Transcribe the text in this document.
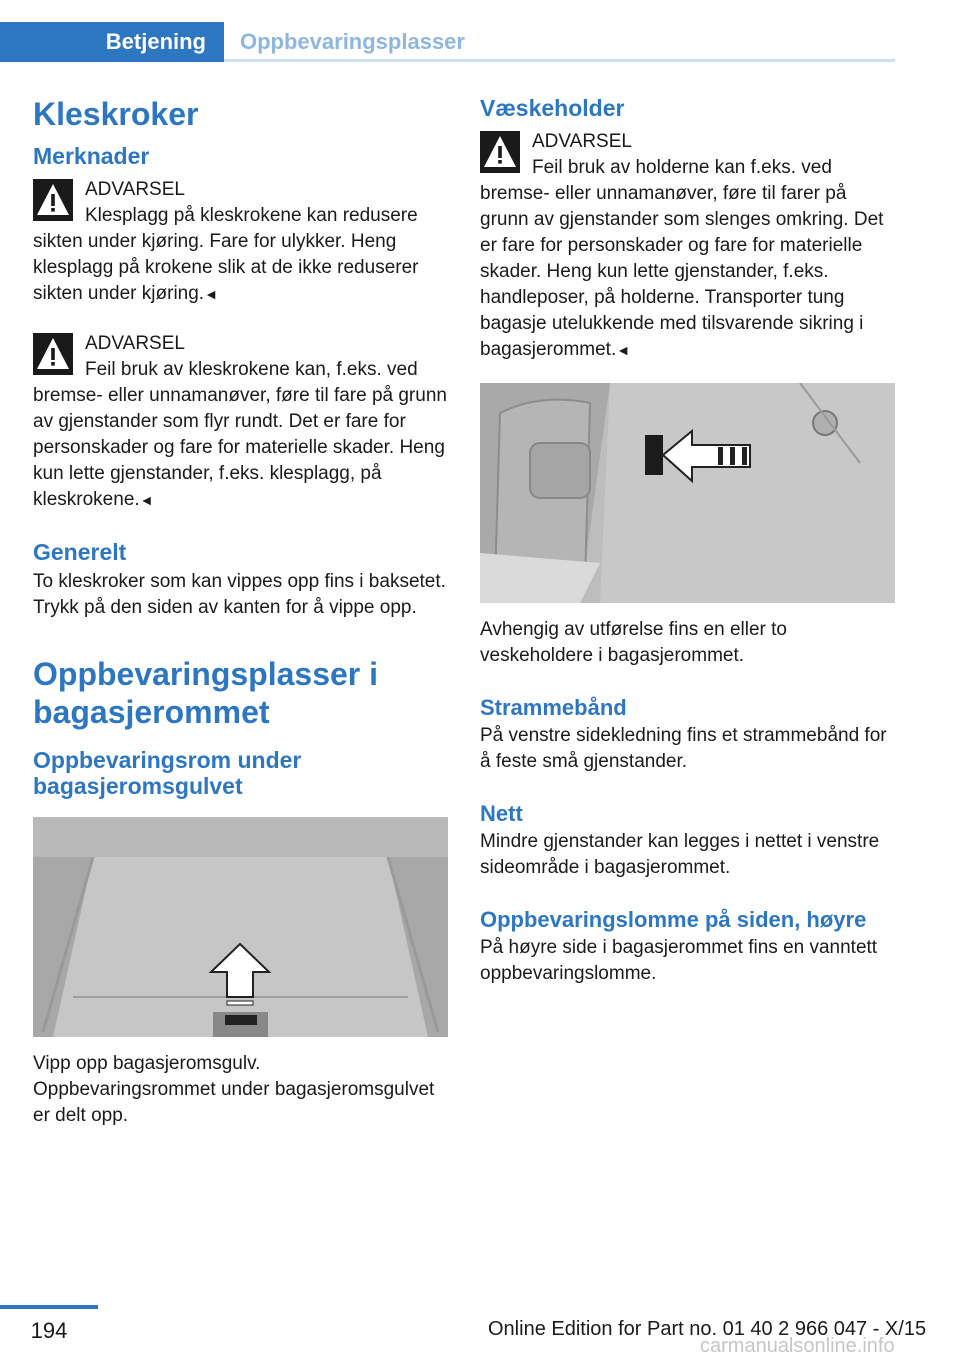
Betjening	Oppbevaringsplasser
Kleskroker
Merknader
ADVARSEL

Klesplagg på kleskrokene kan redusere sikten under kjøring. Fare for ulykker. Heng klesplagg på krokene slik at de ikke reduserer sikten under kjøring.◄

ADVARSEL

Feil bruk av kleskrokene kan, f.eks. ved bremse- eller unnamanøver, føre til fare på grunn av gjenstander som flyr rundt. Det er fare for personskader og fare for materielle skader. Heng kun lette gjenstander, f.eks. klesplagg, på kleskrokene.◄

Generelt

To kleskroker som kan vippes opp fins i baksetet. Trykk på den siden av kanten for å vippe opp.

Oppbevaringsplasser i bagasjerommet
Oppbevaringsrom under bagasjeromsgulvet

Vipp opp bagasjeromsgulv. Oppbevaringsrommet under bagasjeromsgulvet er delt opp.

Væskeholder
ADVARSEL

Feil bruk av holderne kan f.eks. ved bremse- eller unnamanøver, føre til farer på grunn av gjenstander som slenges omkring. Det er fare for personskader og fare for materielle skader. Heng kun lette gjenstander, f.eks. handleposer, på holderne. Transporter tung bagasje utelukkende med tilsvarende sikring i bagasjerommet.◄

Avhengig av utførelse fins en eller to veskeholdere i bagasjerommet.

Strammebånd

På venstre sidekledning fins et strammebånd for å feste små gjenstander.

Nett

Mindre gjenstander kan legges i nettet i venstre sideområde i bagasjerommet.

Oppbevaringslomme på siden, høyre

På høyre side i bagasjerommet fins en vanntett oppbevaringslomme.

194	Online Edition for Part no. 01 40 2 966 047 - X/15
carmanualsonline.info
